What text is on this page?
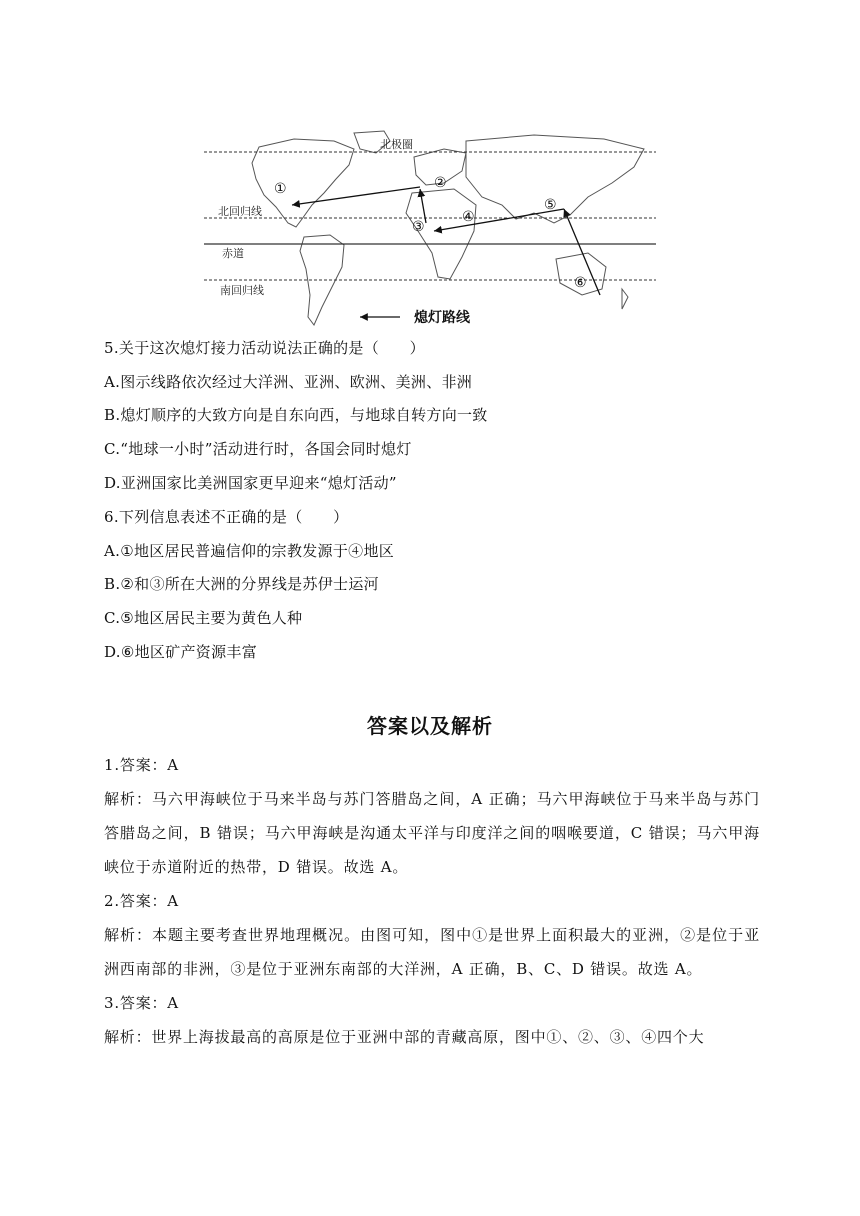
北极圈
北回归线
赤道
南回归线
①	②
③
④
⑤
⑥
熄灯路线
5.关于这次熄灯接力活动说法正确的是（　　）
A.图示线路依次经过大洋洲、亚洲、欧洲、美洲、非洲
B.熄灯顺序的大致方向是自东向西，与地球自转方向一致
C.“地球一小时”活动进行时，各国会同时熄灯
D.亚洲国家比美洲国家更早迎来“熄灯活动”
6.下列信息表述不正确的是（　　）
A.①地区居民普遍信仰的宗教发源于④地区
B.②和③所在大洲的分界线是苏伊士运河
C.⑤地区居民主要为黄色人种
D.⑥地区矿产资源丰富
答案以及解析
1.答案：A
解析：马六甲海峡位于马来半岛与苏门答腊岛之间，A 正确；马六甲海峡位于马来半岛与苏门答腊岛之间，B 错误；马六甲海峡是沟通太平洋与印度洋之间的咽喉要道，C 错误；马六甲海峡位于赤道附近的热带，D 错误。故选 A。
2.答案：A
解析：本题主要考查世界地理概况。由图可知，图中①是世界上面积最大的亚洲，②是位于亚洲西南部的非洲，③是位于亚洲东南部的大洋洲，A 正确，B、C、D 错误。故选 A。
3.答案：A
解析：世界上海拔最高的高原是位于亚洲中部的青藏高原，图中①、②、③、④四个大
